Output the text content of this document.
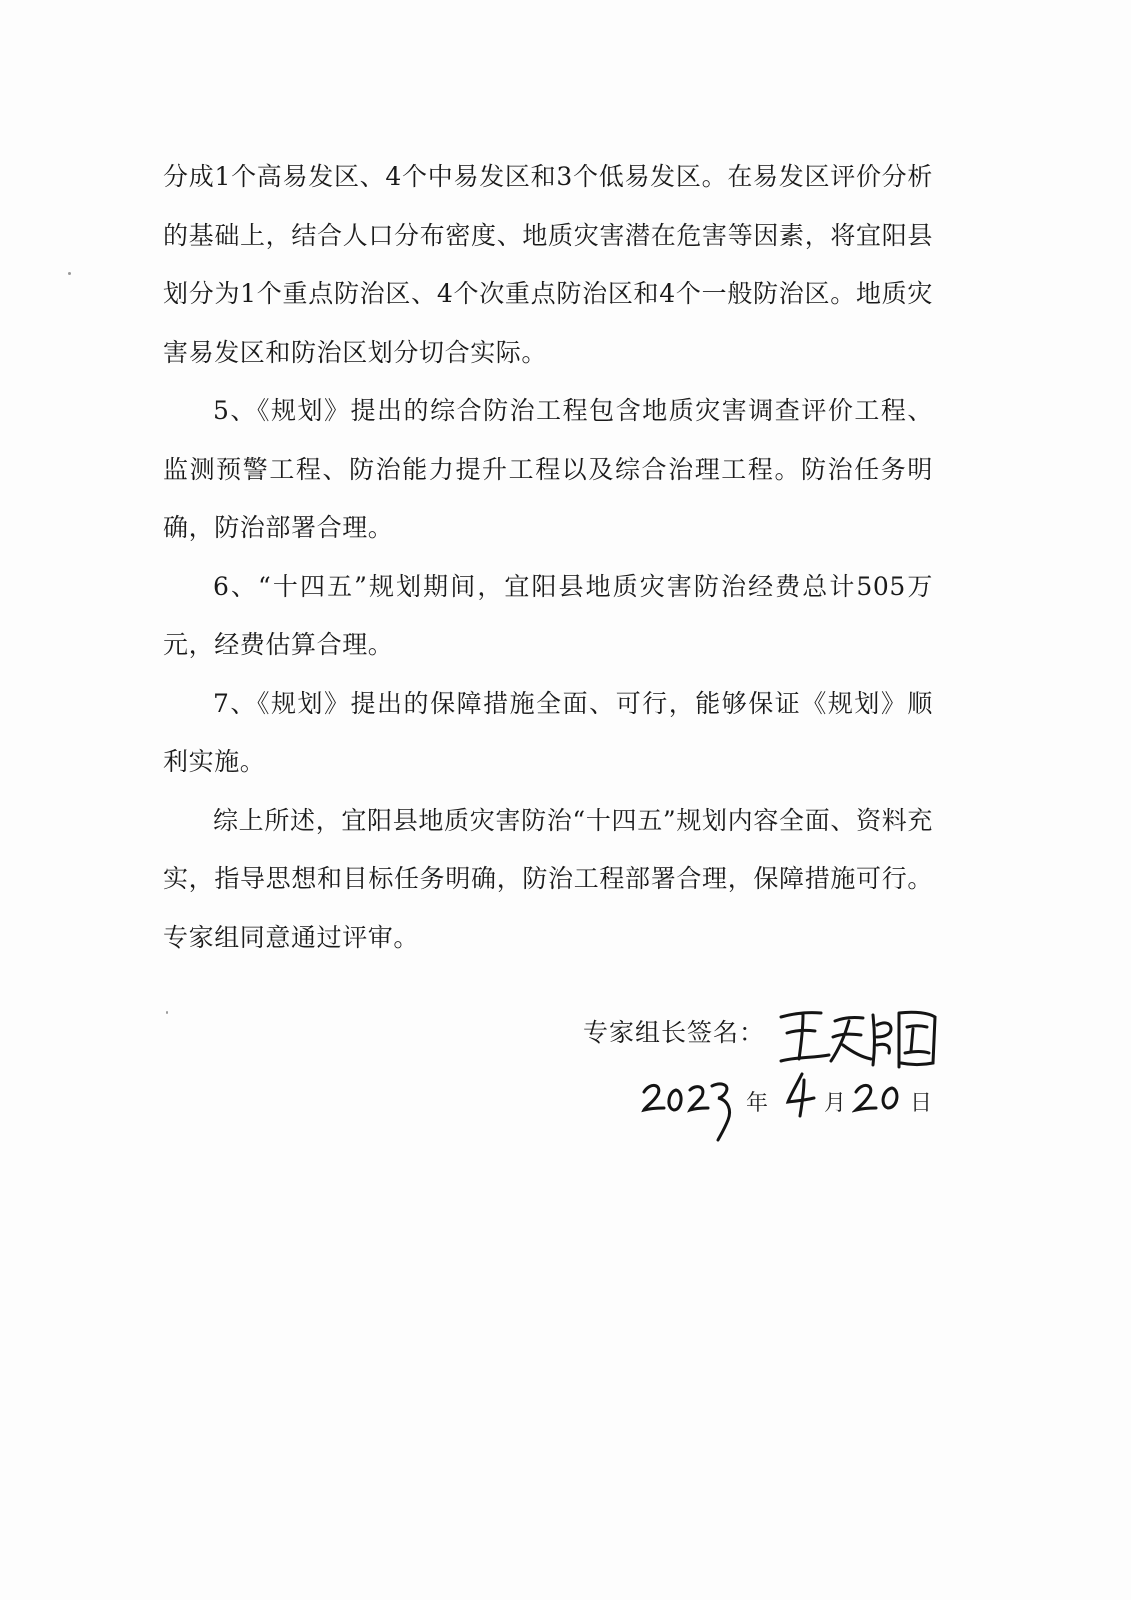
分成1个高易发区、4个中易发区和3个低易发区。在易发区评价分析的基础上，结合人口分布密度、地质灾害潜在危害等因素，将宜阳县划分为1个重点防治区、4个次重点防治区和4个一般防治区。地质灾害易发区和防治区划分切合实际。

5、《规划》提出的综合防治工程包含地质灾害调查评价工程、监测预警工程、防治能力提升工程以及综合治理工程。防治任务明确，防治部署合理。

6、“十四五”规划期间，宜阳县地质灾害防治经费总计505万元，经费估算合理。

7、《规划》提出的保障措施全面、可行，能够保证《规划》顺利实施。

综上所述，宜阳县地质灾害防治“十四五”规划内容全面、资料充实，指导思想和目标任务明确，防治工程部署合理，保障措施可行。专家组同意通过评审。

专家组长签名：
年	月	日
